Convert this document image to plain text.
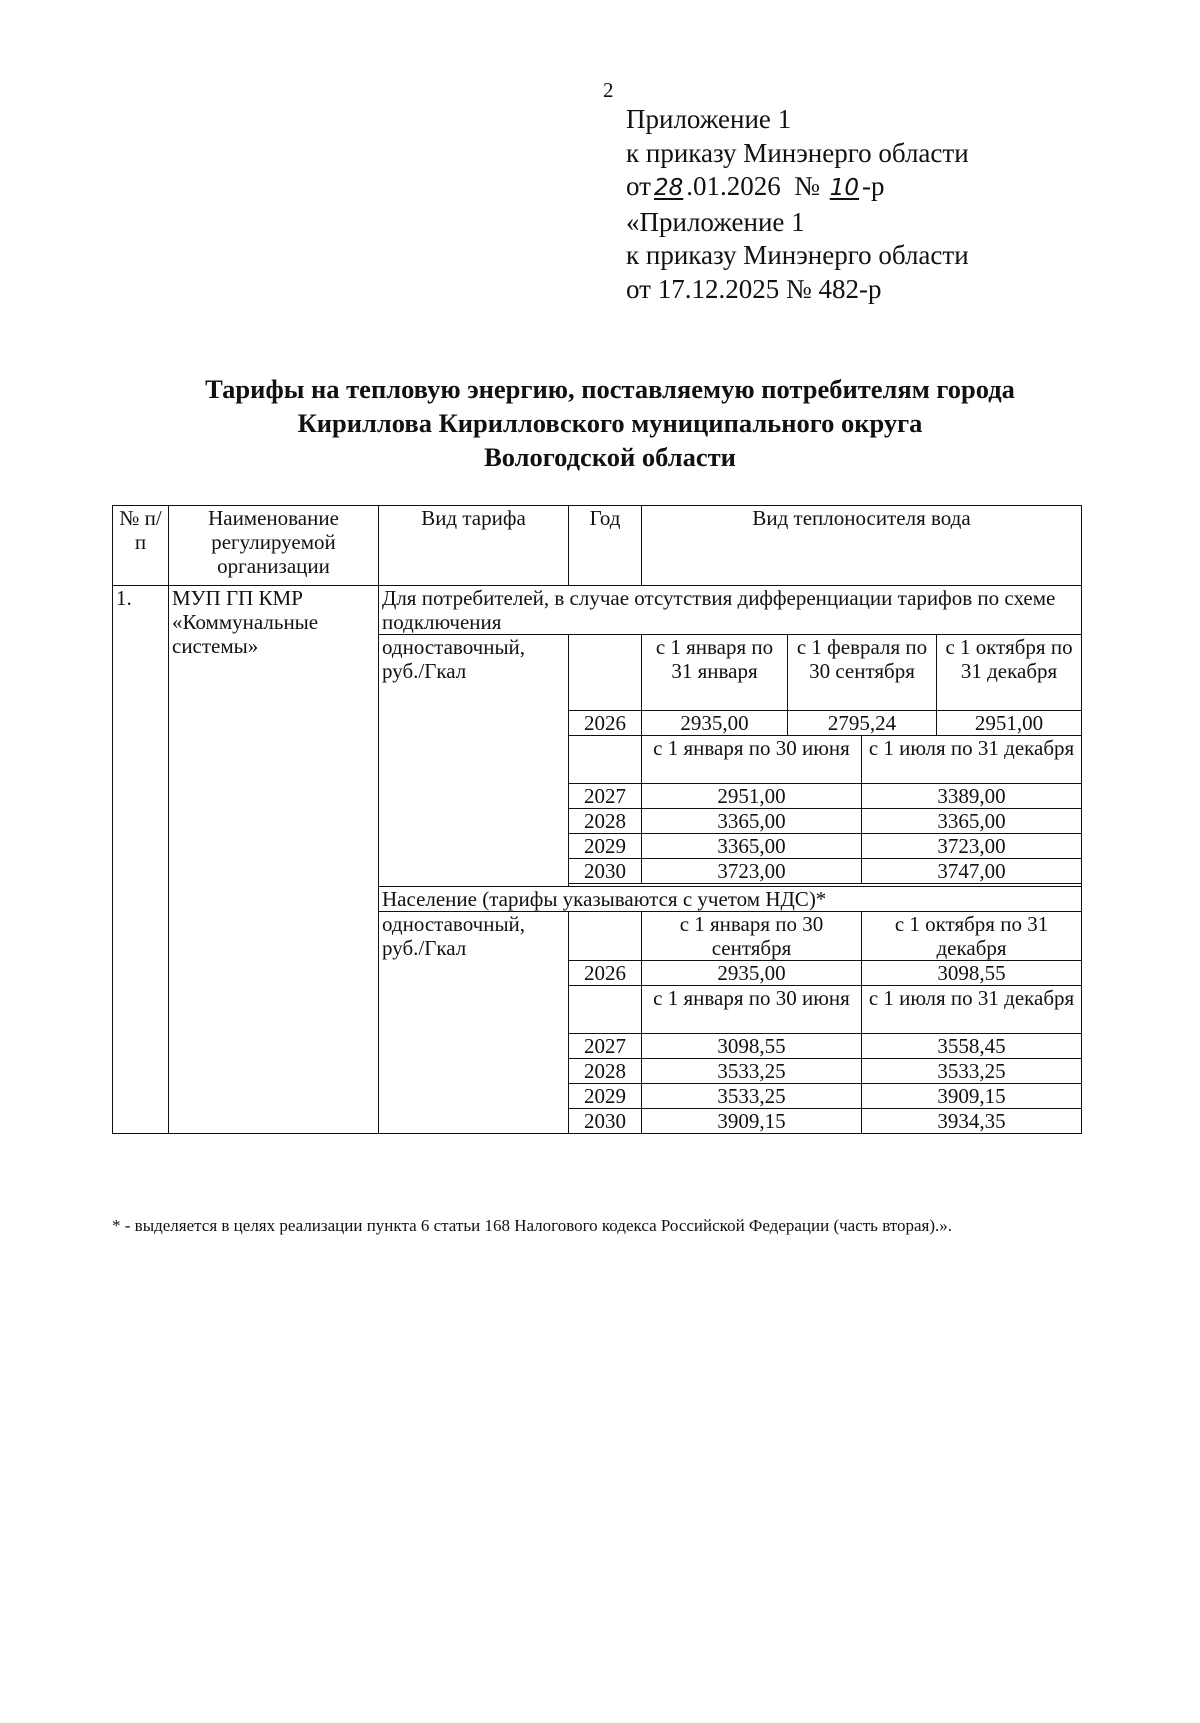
2
Приложение 1
к приказу Минэнерго области
от 28 .01.2026 № 10 -р
«Приложение 1
к приказу Минэнерго области
от 17.12.2025 № 482-р
Тарифы на тепловую энергию, поставляемую потребителям города
Кириллова Кирилловского муниципального округа
Вологодской области
№ п/п	Наименование регулируемой организации	Вид тарифа	Год	Вид теплоносителя вода			
1.	МУП ГП КМР «Коммунальные системы»	Для потребителей, в случае отсутствия дифференциации тарифов по схеме подключения					
		одноставочный, руб./Гкал		с 1 января по 31 января	с 1 февраля по 30 сентября		с 1 октября по 31 декабря
			2026	2935,00	2795,24		2951,00
				с 1 января по 30 июня		с 1 июля по 31 декабря	
			2027	2951,00		3389,00	
			2028	3365,00		3365,00	
			2029	3365,00		3723,00	
			2030	3723,00		3747,00	

		Население (тарифы указываются с учетом НДС)*					
		одноставочный, руб./Гкал		с 1 января по 30 сентября		с 1 октября по 31 декабря	
			2026	2935,00		3098,55	
				с 1 января по 30 июня		с 1 июля по 31 декабря	
			2027	3098,55		3558,45	
			2028	3533,25		3533,25	
			2029	3533,25		3909,15	
			2030	3909,15		3934,35	
* - выделяется в целях реализации пункта 6 статьи 168 Налогового кодекса Российской Федерации (часть вторая).».
